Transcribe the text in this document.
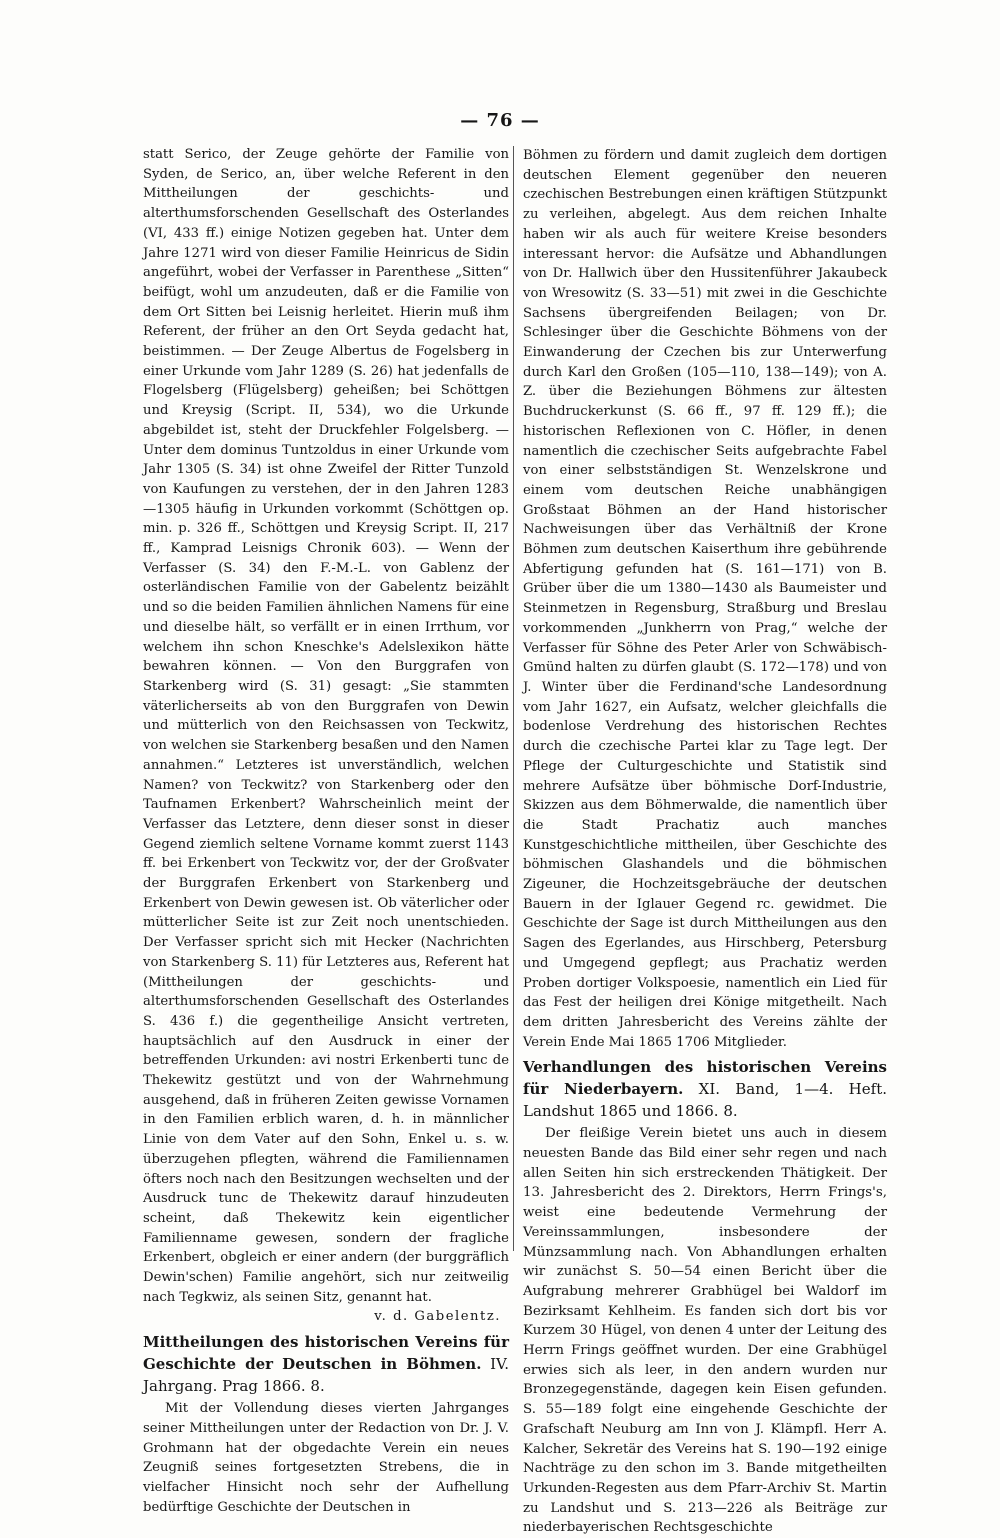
— 76 —

statt Serico, der Zeuge gehörte der Familie von Syden, de Serico, an, über welche Referent in den Mittheilungen der geschichts- und alterthumsforschenden Gesellschaft des Osterlandes (VI, 433 ff.) einige Notizen gegeben hat. Unter dem Jahre 1271 wird von dieser Familie Heinricus de Sidin angeführt, wobei der Verfasser in Parenthese „Sitten“ beifügt, wohl um anzudeuten, daß er die Familie von dem Ort Sitten bei Leisnig herleitet. Hierin muß ihm Referent, der früher an den Ort Seyda gedacht hat, beistimmen. — Der Zeuge Albertus de Fogelsberg in einer Urkunde vom Jahr 1289 (S. 26) hat jedenfalls de Flogelsberg (Flügelsberg) geheißen; bei Schöttgen und Kreysig (Script. II, 534), wo die Urkunde abgebildet ist, steht der Druckfehler Folgelsberg. — Unter dem dominus Tuntzoldus in einer Urkunde vom Jahr 1305 (S. 34) ist ohne Zweifel der Ritter Tunzold von Kaufungen zu verstehen, der in den Jahren 1283—1305 häufig in Urkunden vorkommt (Schöttgen op. min. p. 326 ff., Schöttgen und Kreysig Script. II, 217 ff., Kamprad Leisnigs Chronik 603). — Wenn der Verfasser (S. 34) den F.-M.-L. von Gablenz der osterländischen Familie von der Gabelentz beizählt und so die beiden Familien ähnlichen Namens für eine und dieselbe hält, so verfällt er in einen Irrthum, vor welchem ihn schon Kneschke's Adelslexikon hätte bewahren können. — Von den Burggrafen von Starkenberg wird (S. 31) gesagt: „Sie stammten väterlicherseits ab von den Burggrafen von Dewin und mütterlich von den Reichsassen von Teckwitz, von welchen sie Starkenberg besaßen und den Namen annahmen.“ Letzteres ist unverständlich, welchen Namen? von Teckwitz? von Starkenberg oder den Taufnamen Erkenbert? Wahrscheinlich meint der Verfasser das Letztere, denn dieser sonst in dieser Gegend ziemlich seltene Vorname kommt zuerst 1143 ff. bei Erkenbert von Teckwitz vor, der der Großvater der Burggrafen Erkenbert von Starkenberg und Erkenbert von Dewin gewesen ist. Ob väterlicher oder mütterlicher Seite ist zur Zeit noch unentschieden. Der Verfasser spricht sich mit Hecker (Nachrichten von Starkenberg S. 11) für Letzteres aus, Referent hat (Mittheilungen der geschichts- und alterthumsforschenden Gesellschaft des Osterlandes S. 436 f.) die gegentheilige Ansicht vertreten, hauptsächlich auf den Ausdruck in einer der betreffenden Urkunden: avi nostri Erkenberti tunc de Thekewitz gestützt und von der Wahrnehmung ausgehend, daß in früheren Zeiten gewisse Vornamen in den Familien erblich waren, d. h. in männlicher Linie von dem Vater auf den Sohn, Enkel u. s. w. überzugehen pflegten, während die Familiennamen öfters noch nach den Besitzungen wechselten und der Ausdruck tunc de Thekewitz darauf hinzudeuten scheint, daß Thekewitz kein eigentlicher Familienname gewesen, sondern der fragliche Erkenbert, obgleich er einer andern (der burggräflich Dewin'schen) Familie angehört, sich nur zeitweilig nach Tegkwiz, als seinen Sitz, genannt hat.

v. d. Gabelentz.

Mittheilungen des historischen Vereins für Geschichte der Deutschen in Böhmen. IV. Jahrgang. Prag 1866. 8.

Mit der Vollendung dieses vierten Jahrganges seiner Mittheilungen unter der Redaction von Dr. J. V. Grohmann hat der obgedachte Verein ein neues Zeugniß seines fortgesetzten Strebens, die in vielfacher Hinsicht noch sehr der Aufhellung bedürftige Geschichte der Deutschen in

Böhmen zu fördern und damit zugleich dem dortigen deutschen Element gegenüber den neueren czechischen Bestrebungen einen kräftigen Stützpunkt zu verleihen, abgelegt. Aus dem reichen Inhalte haben wir als auch für weitere Kreise besonders interessant hervor: die Aufsätze und Abhandlungen von Dr. Hallwich über den Hussitenführer Jakaubeck von Wresowitz (S. 33—51) mit zwei in die Geschichte Sachsens übergreifenden Beilagen; von Dr. Schlesinger über die Geschichte Böhmens von der Einwanderung der Czechen bis zur Unterwerfung durch Karl den Großen (105—110, 138—149); von A. Z. über die Beziehungen Böhmens zur ältesten Buchdruckerkunst (S. 66 ff., 97 ff. 129 ff.); die historischen Reflexionen von C. Höfler, in denen namentlich die czechischer Seits aufgebrachte Fabel von einer selbstständigen St. Wenzelskrone und einem vom deutschen Reiche unabhängigen Großstaat Böhmen an der Hand historischer Nachweisungen über das Verhältniß der Krone Böhmen zum deutschen Kaiserthum ihre gebührende Abfertigung gefunden hat (S. 161—171) von B. Grüber über die um 1380—1430 als Baumeister und Steinmetzen in Regensburg, Straßburg und Breslau vorkommenden „Junkherrn von Prag,“ welche der Verfasser für Söhne des Peter Arler von Schwäbisch-Gmünd halten zu dürfen glaubt (S. 172—178) und von J. Winter über die Ferdinand'sche Landesordnung vom Jahr 1627, ein Aufsatz, welcher gleichfalls die bodenlose Verdrehung des historischen Rechtes durch die czechische Partei klar zu Tage legt. Der Pflege der Culturgeschichte und Statistik sind mehrere Aufsätze über böhmische Dorf-Industrie, Skizzen aus dem Böhmerwalde, die namentlich über die Stadt Prachatiz auch manches Kunstgeschichtliche mittheilen, über Geschichte des böhmischen Glashandels und die böhmischen Zigeuner, die Hochzeitsgebräuche der deutschen Bauern in der Iglauer Gegend rc. gewidmet. Die Geschichte der Sage ist durch Mittheilungen aus den Sagen des Egerlandes, aus Hirschberg, Petersburg und Umgegend gepflegt; aus Prachatiz werden Proben dortiger Volkspoesie, namentlich ein Lied für das Fest der heiligen drei Könige mitgetheilt. Nach dem dritten Jahresbericht des Vereins zählte der Verein Ende Mai 1865 1706 Mitglieder.

Verhandlungen des historischen Vereins für Niederbayern. XI. Band, 1—4. Heft. Landshut 1865 und 1866. 8.

Der fleißige Verein bietet uns auch in diesem neuesten Bande das Bild einer sehr regen und nach allen Seiten hin sich erstreckenden Thätigkeit. Der 13. Jahresbericht des 2. Direktors, Herrn Frings's, weist eine bedeutende Vermehrung der Vereinssammlungen, insbesondere der Münzsammlung nach. Von Abhandlungen erhalten wir zunächst S. 50—54 einen Bericht über die Aufgrabung mehrerer Grabhügel bei Waldorf im Bezirksamt Kehlheim. Es fanden sich dort bis vor Kurzem 30 Hügel, von denen 4 unter der Leitung des Herrn Frings geöffnet wurden. Der eine Grabhügel erwies sich als leer, in den andern wurden nur Bronzegegenstände, dagegen kein Eisen gefunden. S. 55—189 folgt eine eingehende Geschichte der Grafschaft Neuburg am Inn von J. Klämpfl. Herr A. Kalcher, Sekretär des Vereins hat S. 190—192 einige Nachträge zu den schon im 3. Bande mitgetheilten Urkunden-Regesten aus dem Pfarr-Archiv St. Martin zu Landshut und S. 213—226 als Beiträge zur niederbayerischen Rechtsgeschichte
